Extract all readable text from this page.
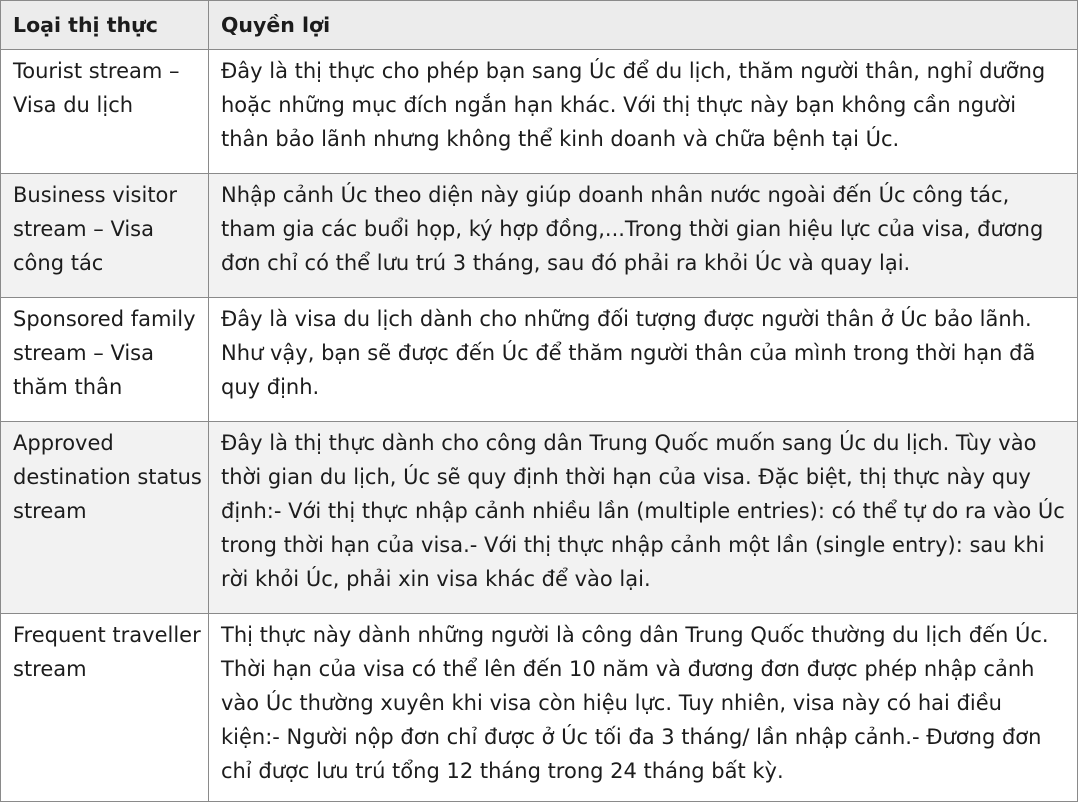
Loại thị thực	Quyền lợi

Tourist stream – Visa du lịch	Đây là thị thực cho phép bạn sang Úc để du lịch, thăm người thân, nghỉ dưỡng hoặc những mục đích ngắn hạn khác. Với thị thực này bạn không cần người thân bảo lãnh nhưng không thể kinh doanh và chữa bệnh tại Úc.

Business visitor stream – Visa công tác	Nhập cảnh Úc theo diện này giúp doanh nhân nước ngoài đến Úc công tác, tham gia các buổi họp, ký hợp đồng,...Trong thời gian hiệu lực của visa, đương đơn chỉ có thể lưu trú 3 tháng, sau đó phải ra khỏi Úc và quay lại.

Sponsored family stream – Visa thăm thân	Đây là visa du lịch dành cho những đối tượng được người thân ở Úc bảo lãnh. Như vậy, bạn sẽ được đến Úc để thăm người thân của mình trong thời hạn đã quy định.

Approved destination status stream	Đây là thị thực dành cho công dân Trung Quốc muốn sang Úc du lịch. Tùy vào thời gian du lịch, Úc sẽ quy định thời hạn của visa. Đặc biệt, thị thực này quy định:- Với thị thực nhập cảnh nhiều lần (multiple entries): có thể tự do ra vào Úc trong thời hạn của visa.- Với thị thực nhập cảnh một lần (single entry): sau khi rời khỏi Úc, phải xin visa khác để vào lại.

Frequent traveller stream	Thị thực này dành những người là công dân Trung Quốc thường du lịch đến Úc. Thời hạn của visa có thể lên đến 10 năm và đương đơn được phép nhập cảnh vào Úc thường xuyên khi visa còn hiệu lực. Tuy nhiên, visa này có hai điều kiện:- Người nộp đơn chỉ được ở Úc tối đa 3 tháng/ lần nhập cảnh.- Đương đơn chỉ được lưu trú tổng 12 tháng trong 24 tháng bất kỳ.
